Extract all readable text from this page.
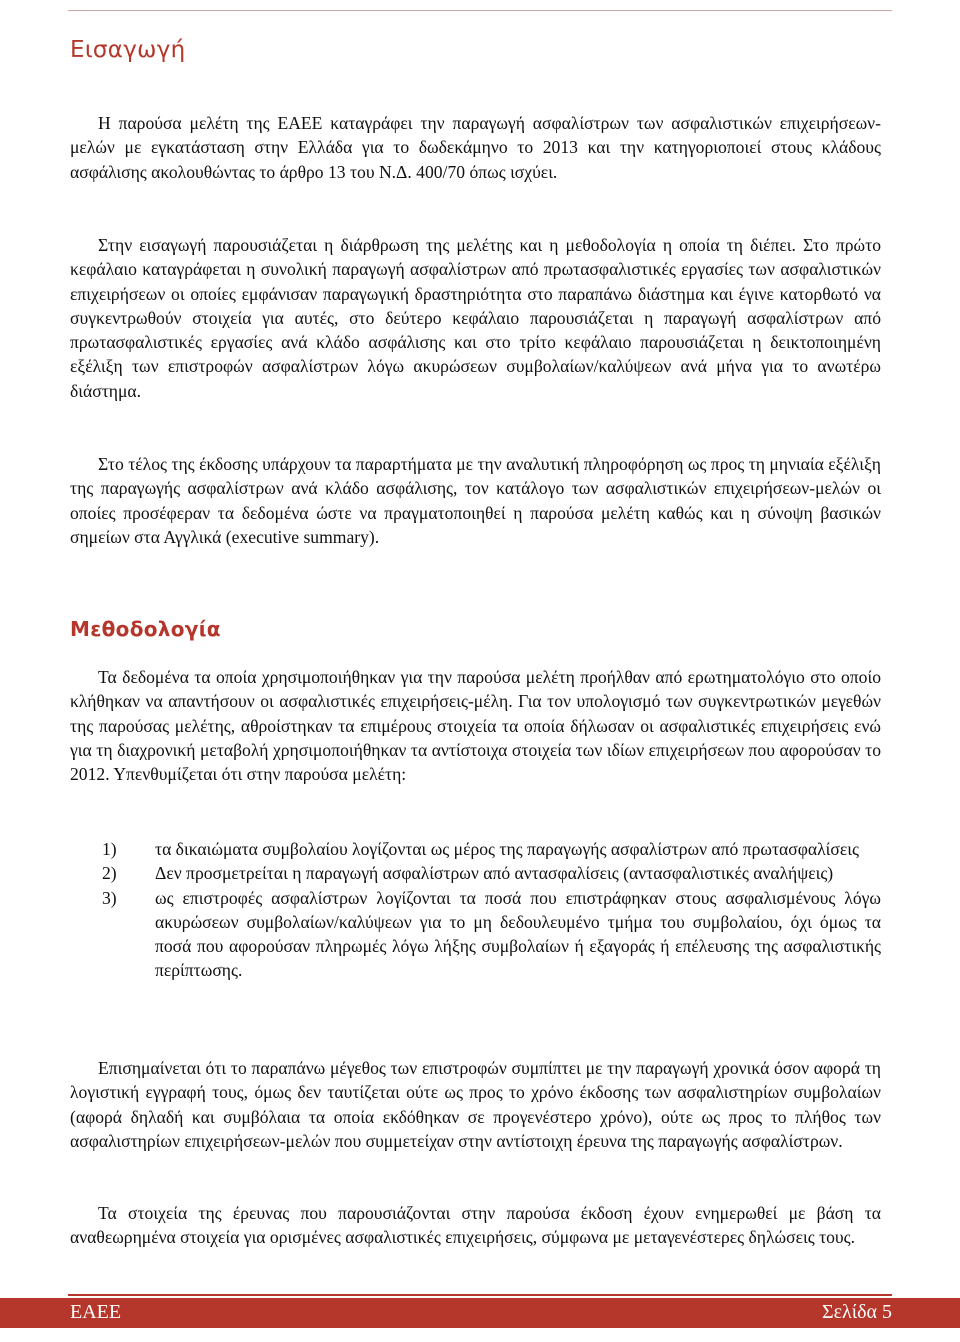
Εισαγωγή

Η παρούσα μελέτη της ΕΑΕΕ καταγράφει την παραγωγή ασφαλίστρων των ασφαλιστικών επιχειρήσεων-μελών με εγκατάσταση στην Ελλάδα για το δωδεκάμηνο το 2013 και την κατηγοριοποιεί στους κλάδους ασφάλισης ακολουθώντας το άρθρο 13 του Ν.Δ. 400/70 όπως ισχύει.

Στην εισαγωγή παρουσιάζεται η διάρθρωση της μελέτης και η μεθοδολογία η οποία τη διέπει. Στο πρώτο κεφάλαιο καταγράφεται η συνολική παραγωγή ασφαλίστρων από πρωτασφαλιστικές εργασίες των ασφαλιστικών επιχειρήσεων οι οποίες εμφάνισαν παραγωγική δραστηριότητα στο παραπάνω διάστημα και έγινε κατορθωτό να συγκεντρωθούν στοιχεία για αυτές, στο δεύτερο κεφάλαιο παρουσιάζεται η παραγωγή ασφαλίστρων από πρωτασφαλιστικές εργασίες ανά κλάδο ασφάλισης και στο τρίτο κεφάλαιο παρουσιάζεται η δεικτοποιημένη εξέλιξη των επιστροφών ασφαλίστρων λόγω ακυρώσεων συμβολαίων/καλύψεων ανά μήνα για το ανωτέρω διάστημα.

Στο τέλος της έκδοσης υπάρχουν τα παραρτήματα με την αναλυτική πληροφόρηση ως προς τη μηνιαία εξέλιξη της παραγωγής ασφαλίστρων ανά κλάδο ασφάλισης, τον κατάλογο των ασφαλιστικών επιχειρήσεων-μελών οι οποίες προσέφεραν τα δεδομένα ώστε να πραγματοποιηθεί η παρούσα μελέτη καθώς και η σύνοψη βασικών σημείων στα Αγγλικά (executive summary).

Μεθοδολογία

Τα δεδομένα τα οποία χρησιμοποιήθηκαν για την παρούσα μελέτη προήλθαν από ερωτηματολόγιο στο οποίο κλήθηκαν να απαντήσουν οι ασφαλιστικές επιχειρήσεις-μέλη. Για τον υπολογισμό των συγκεντρωτικών μεγεθών της παρούσας μελέτης, αθροίστηκαν τα επιμέρους στοιχεία τα οποία δήλωσαν οι ασφαλιστικές επιχειρήσεις ενώ για τη διαχρονική μεταβολή χρησιμοποιήθηκαν τα αντίστοιχα στοιχεία των ιδίων επιχειρήσεων που αφορούσαν το 2012. Υπενθυμίζεται ότι στην παρούσα μελέτη:

1) τα δικαιώματα συμβολαίου λογίζονται ως μέρος της παραγωγής ασφαλίστρων από πρωτασφαλίσεις
2) Δεν προσμετρείται η παραγωγή ασφαλίστρων από αντασφαλίσεις (αντασφαλιστικές αναλήψεις)
3) ως επιστροφές ασφαλίστρων λογίζονται τα ποσά που επιστράφηκαν στους ασφαλισμένους λόγω ακυρώσεων συμβολαίων/καλύψεων για το μη δεδουλευμένο τμήμα του συμβολαίου, όχι όμως τα ποσά που αφορούσαν πληρωμές λόγω λήξης συμβολαίων ή εξαγοράς ή επέλευσης της ασφαλιστικής περίπτωσης.

Επισημαίνεται ότι το παραπάνω μέγεθος των επιστροφών συμπίπτει με την παραγωγή χρονικά όσον αφορά τη λογιστική εγγραφή τους, όμως δεν ταυτίζεται ούτε ως προς το χρόνο έκδοσης των ασφαλιστηρίων συμβολαίων (αφορά δηλαδή και συμβόλαια τα οποία εκδόθηκαν σε προγενέστερο χρόνο), ούτε ως προς το πλήθος των ασφαλιστηρίων επιχειρήσεων-μελών που συμμετείχαν στην αντίστοιχη έρευνα της παραγωγής ασφαλίστρων.

Τα στοιχεία της έρευνας που παρουσιάζονται στην παρούσα έκδοση έχουν ενημερωθεί με βάση τα αναθεωρημένα στοιχεία για ορισμένες ασφαλιστικές επιχειρήσεις, σύμφωνα με μεταγενέστερες δηλώσεις τους.

ΕΑΕΕ	Σελίδα 5
